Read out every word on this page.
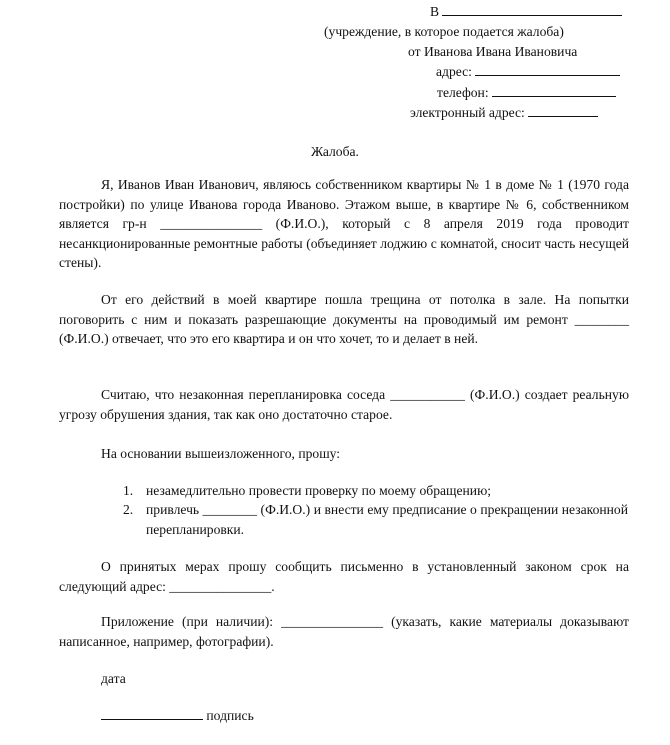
В
(учреждение, в которое подается жалоба)
от Иванова Ивана Ивановича
адрес:
телефон:
электронный адрес:
Жалоба.
Я, Иванов Иван Иванович, являюсь собственником квартиры № 1 в доме № 1 (1970 года постройки) по улице Иванова города Иваново. Этажом выше, в квартире № 6, собственником является гр-н _______________ (Ф.И.О.), который с 8 апреля 2019 года проводит несанкционированные ремонтные работы (объединяет лоджию с комнатой, сносит часть несущей стены).
От его действий в моей квартире пошла трещина от потолка в зале. На попытки поговорить с ним и показать разрешающие документы на проводимый им ремонт ________ (Ф.И.О.) отвечает, что это его квартира и он что хочет, то и делает в ней.
Считаю, что незаконная перепланировка соседа ___________ (Ф.И.О.) создает реальную угрозу обрушения здания, так как оно достаточно старое.
На основании вышеизложенного, прошу:
1. незамедлительно провести проверку по моему обращению;
2. привлечь ________ (Ф.И.О.) и внести ему предписание о прекращении незаконной перепланировки.
О принятых мерах прошу сообщить письменно в установленный законом срок на следующий адрес: _______________.
Приложение (при наличии): _______________ (указать, какие материалы доказывают написанное, например, фотографии).
дата
подпись
